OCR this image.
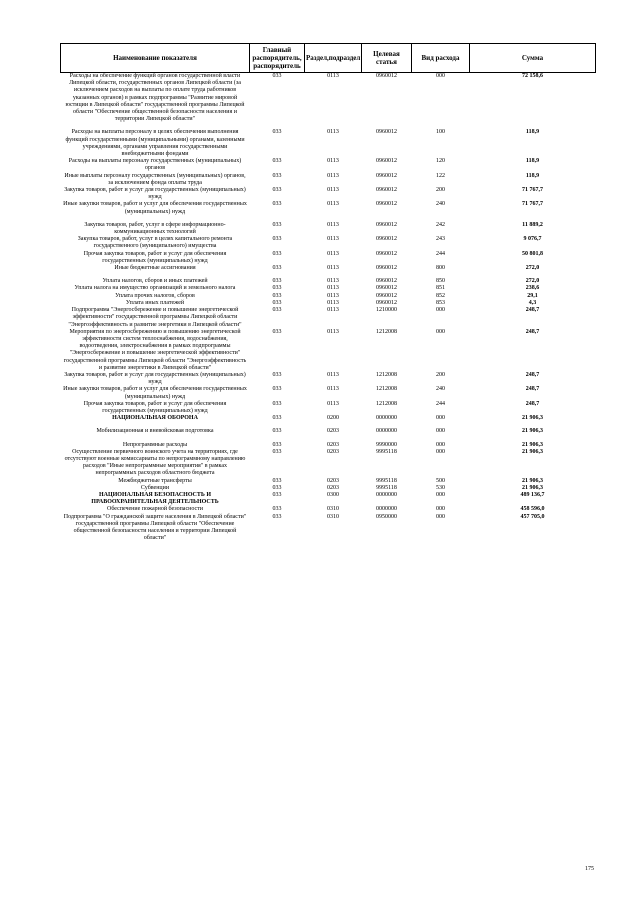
Наименование показателя	Главный распорядитель, распорядитель	Раздел,подраздел	Целевая статья	Вид расхода	Сумма
Расходы на обеспечение функций органов государственной власти Липецкой области, государственных органов Липецкой области (за исключением расходов на выплаты по оплате труда работников указанных органов) в рамках подпрограммы "Развитие мировой юстиции в Липецкой области" государственной программы Липецкой области "Обеспечение общественной безопасности населения и территории Липецкой области"	033	0113	0960012	000	72 158,6
Расходы на выплаты персоналу в целях обеспечения выполнения функций государственными (муниципальными) органами, казенными учреждениями, органами управления государственными внебюджетными фондами	033	0113	0960012	100	118,9
Расходы на выплаты персоналу государственных (муниципальных) органов	033	0113	0960012	120	118,9
Иные выплаты персоналу государственных (муниципальных) органов, за исключением фонда оплаты труда	033	0113	0960012	122	118,9
Закупка товаров, работ и услуг для государственных (муниципальных) нужд	033	0113	0960012	200	71 767,7
Иные закупки товаров, работ и услуг для обеспечения государственных (муниципальных) нужд	033	0113	0960012	240	71 767,7
Закупка товаров, работ, услуг в сфере информационно-коммуникационных технологий	033	0113	0960012	242	11 889,2
Закупка товаров, работ, услуг в целях капитального ремонта государственного (муниципального) имущества	033	0113	0960012	243	9 076,7
Прочая закупка товаров, работ и услуг для обеспечения государственных (муниципальных) нужд	033	0113	0960012	244	50 801,8
Иные бюджетные ассигнования	033	0113	0960012	800	272,0
Уплата налогов, сборов и иных платежей	033	0113	0960012	850	272,0
Уплата налога на имущество организаций и земельного налога	033	0113	0960012	851	238,6
Уплата прочих налогов, сборов	033	0113	0960012	852	29,1
Уплата иных платежей	033	0113	0960012	853	4,3
Подпрограмма "Энергосбережение и повышение энергетической эффективности" государственной программы Липецкой области "Энергоэффективность и развитие энергетики в Липецкой области"	033	0113	1210000	000	248,7
Мероприятия по энергосбережению и повышению энергетической эффективности систем теплоснабжения, водоснабжения, водоотведения, электроснабжения в рамках подпрограммы "Энергосбережение и повышение энергетической эффективности" государственной программы Липецкой области "Энергоэффективность и развитие энергетики в Липецкой области"	033	0113	1212008	000	248,7
Закупка товаров, работ и услуг для государственных (муниципальных) нужд	033	0113	1212008	200	248,7
Иные закупки товаров, работ и услуг для обеспечения государственных (муниципальных) нужд	033	0113	1212008	240	248,7
Прочая закупка товаров, работ и услуг для обеспечения государственных (муниципальных) нужд	033	0113	1212008	244	248,7
НАЦИОНАЛЬНАЯ ОБОРОНА	033	0200	0000000	000	21 906,3
Мобилизационная и вневойсковая подготовка	033	0203	0000000	000	21 906,3
Непрограммные расходы	033	0203	9990000	000	21 906,3
Осуществление первичного воинского учета на территориях, где отсутствуют военные комиссариаты по непрограммному направлению расходов "Иные непрограммные мероприятия" в рамках непрограммных расходов областного бюджета	033	0203	9995118	000	21 906,3
Межбюджетные трансферты	033	0203	9995118	500	21 906,3
Субвенции	033	0203	9995118	530	21 906,3
НАЦИОНАЛЬНАЯ БЕЗОПАСНОСТЬ И ПРАВООХРАНИТЕЛЬНАЯ ДЕЯТЕЛЬНОСТЬ	033	0300	0000000	000	489 136,7
Обеспечение пожарной безопасности	033	0310	0000000	000	458 596,0
Подпрограмма "О гражданской защите населения в Липецкой области" государственной программы Липецкой области "Обеспечение общественной безопасности населения и территории Липецкой области"	033	0310	0950000	000	457 705,0
175
